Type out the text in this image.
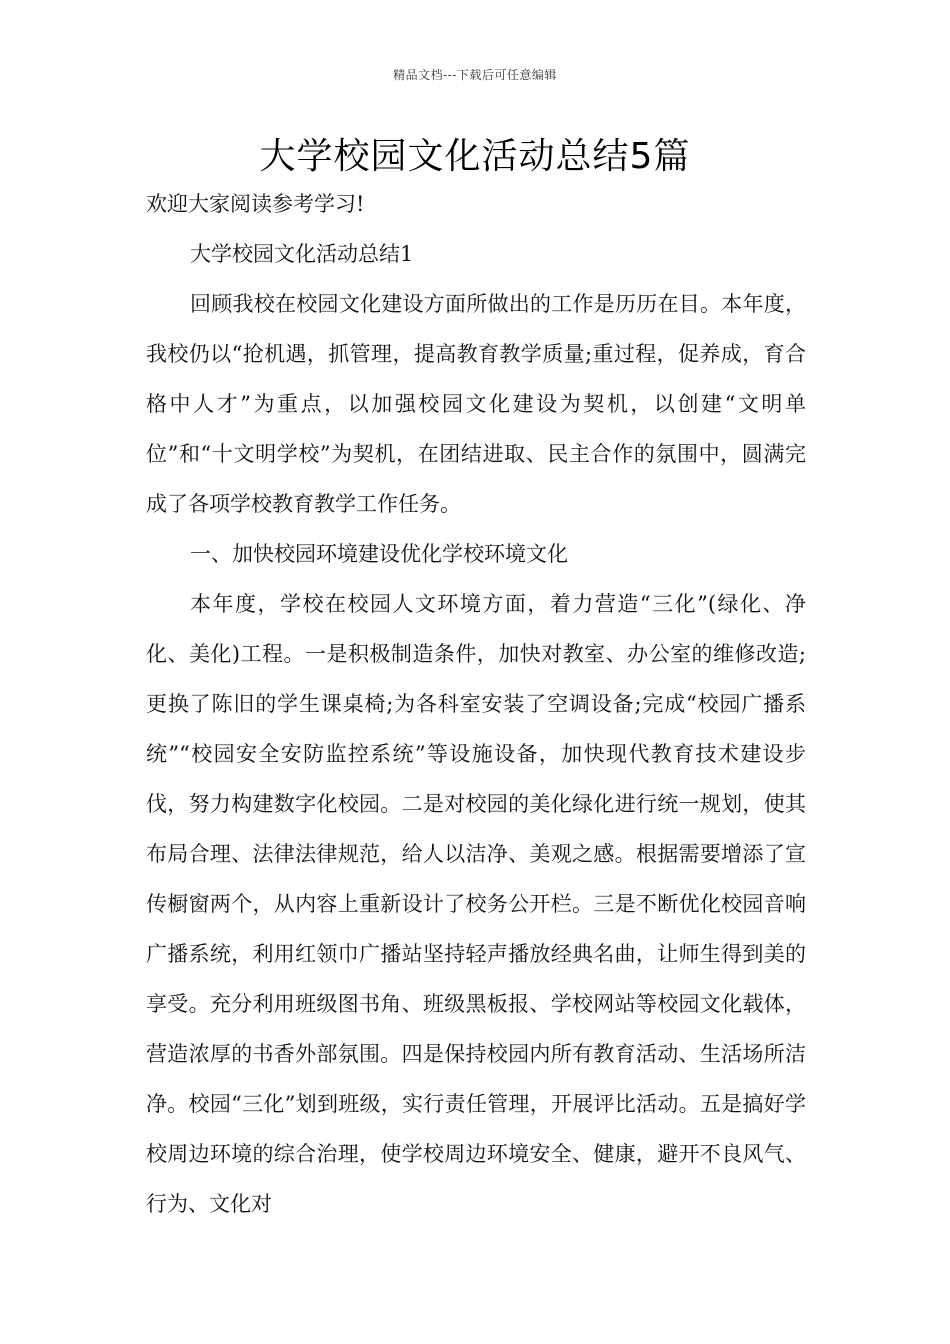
精品文档---下载后可任意编辑
大学校园文化活动总结5篇

欢迎大家阅读参考学习!

大学校园文化活动总结1

回顾我校在校园文化建设方面所做出的工作是历历在目。本年度，我校仍以“抢机遇，抓管理，提高教育教学质量;重过程，促养成，育合格中人才”为重点，以加强校园文化建设为契机，以创建“文明单位”和“十文明学校”为契机，在团结进取、民主合作的氛围中，圆满完成了各项学校教育教学工作任务。

一、加快校园环境建设优化学校环境文化

本年度，学校在校园人文环境方面，着力营造“三化”(绿化、净化、美化)工程。一是积极制造条件，加快对教室、办公室的维修改造;更换了陈旧的学生课桌椅;为各科室安装了空调设备;完成“校园广播系统”“校园安全安防监控系统”等设施设备，加快现代教育技术建设步伐，努力构建数字化校园。二是对校园的美化绿化进行统一规划，使其布局合理、法律法律规范，给人以洁净、美观之感。根据需要增添了宣传橱窗两个，从内容上重新设计了校务公开栏。三是不断优化校园音响广播系统，利用红领巾广播站坚持轻声播放经典名曲，让师生得到美的享受。充分利用班级图书角、班级黑板报、学校网站等校园文化载体，营造浓厚的书香外部氛围。四是保持校园内所有教育活动、生活场所洁净。校园“三化”划到班级，实行责任管理，开展评比活动。五是搞好学校周边环境的综合治理，使学校周边环境安全、健康，避开不良风气、行为、文化对
